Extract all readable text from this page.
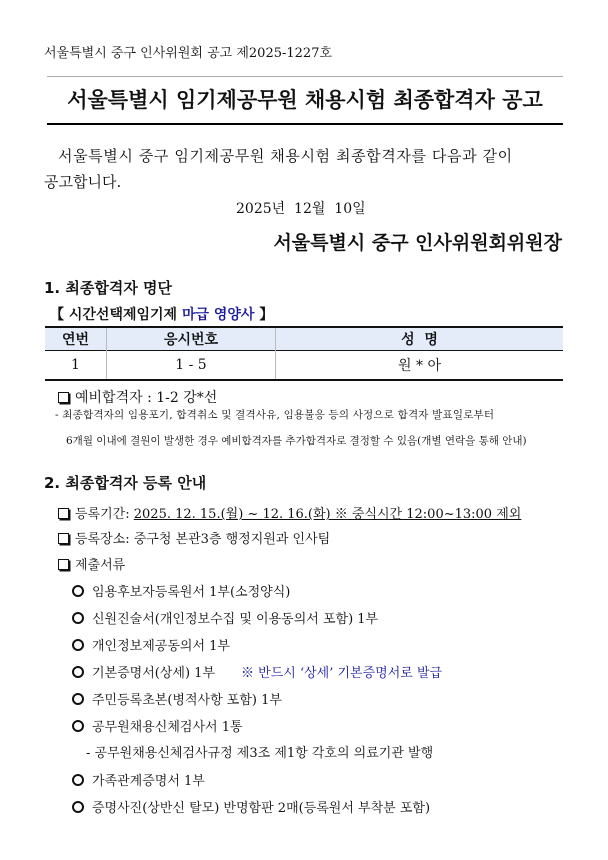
서울특별시 중구 인사위원회 공고 제2025-1227호
서울특별시 임기제공무원 채용시험 최종합격자 공고
서울특별시 중구 임기제공무원 채용시험 최종합격자를 다음과 같이
공고합니다.
2025년  12월  10일
서울특별시 중구 인사위원회위원장
1. 최종합격자 명단
【 시간선택제임기제 마급 영양사 】
연번	응시번호	성  명
1	1 - 5	원 * 아
예비합격자 : 1-2 강*선
- 최종합격자의 임용포기, 합격취소 및 결격사유, 임용불응 등의 사정으로 합격자 발표일로부터
6개월 이내에 결원이 발생한 경우 예비합격자를 추가합격자로 결정할 수 있음(개별 연락을 통해 안내)
2. 최종합격자 등록 안내
등록기간: 2025. 12. 15.(월) ~ 12. 16.(화) ※ 중식시간 12:00~13:00 제외
등록장소: 중구청 본관3층 행정지원과 인사팀
제출서류
임용후보자등록원서 1부(소정양식)
신원진술서(개인정보수집 및 이용동의서 포함) 1부
개인정보제공동의서 1부
기본증명서(상세) 1부 ※ 반드시 ‘상세’ 기본증명서로 발급
주민등록초본(병적사항 포함) 1부
공무원채용신체검사서 1통
- 공무원채용신체검사규정 제3조 제1항 각호의 의료기관 발행
가족관계증명서 1부
증명사진(상반신 탈모) 반명함판 2매(등록원서 부착분 포함)
